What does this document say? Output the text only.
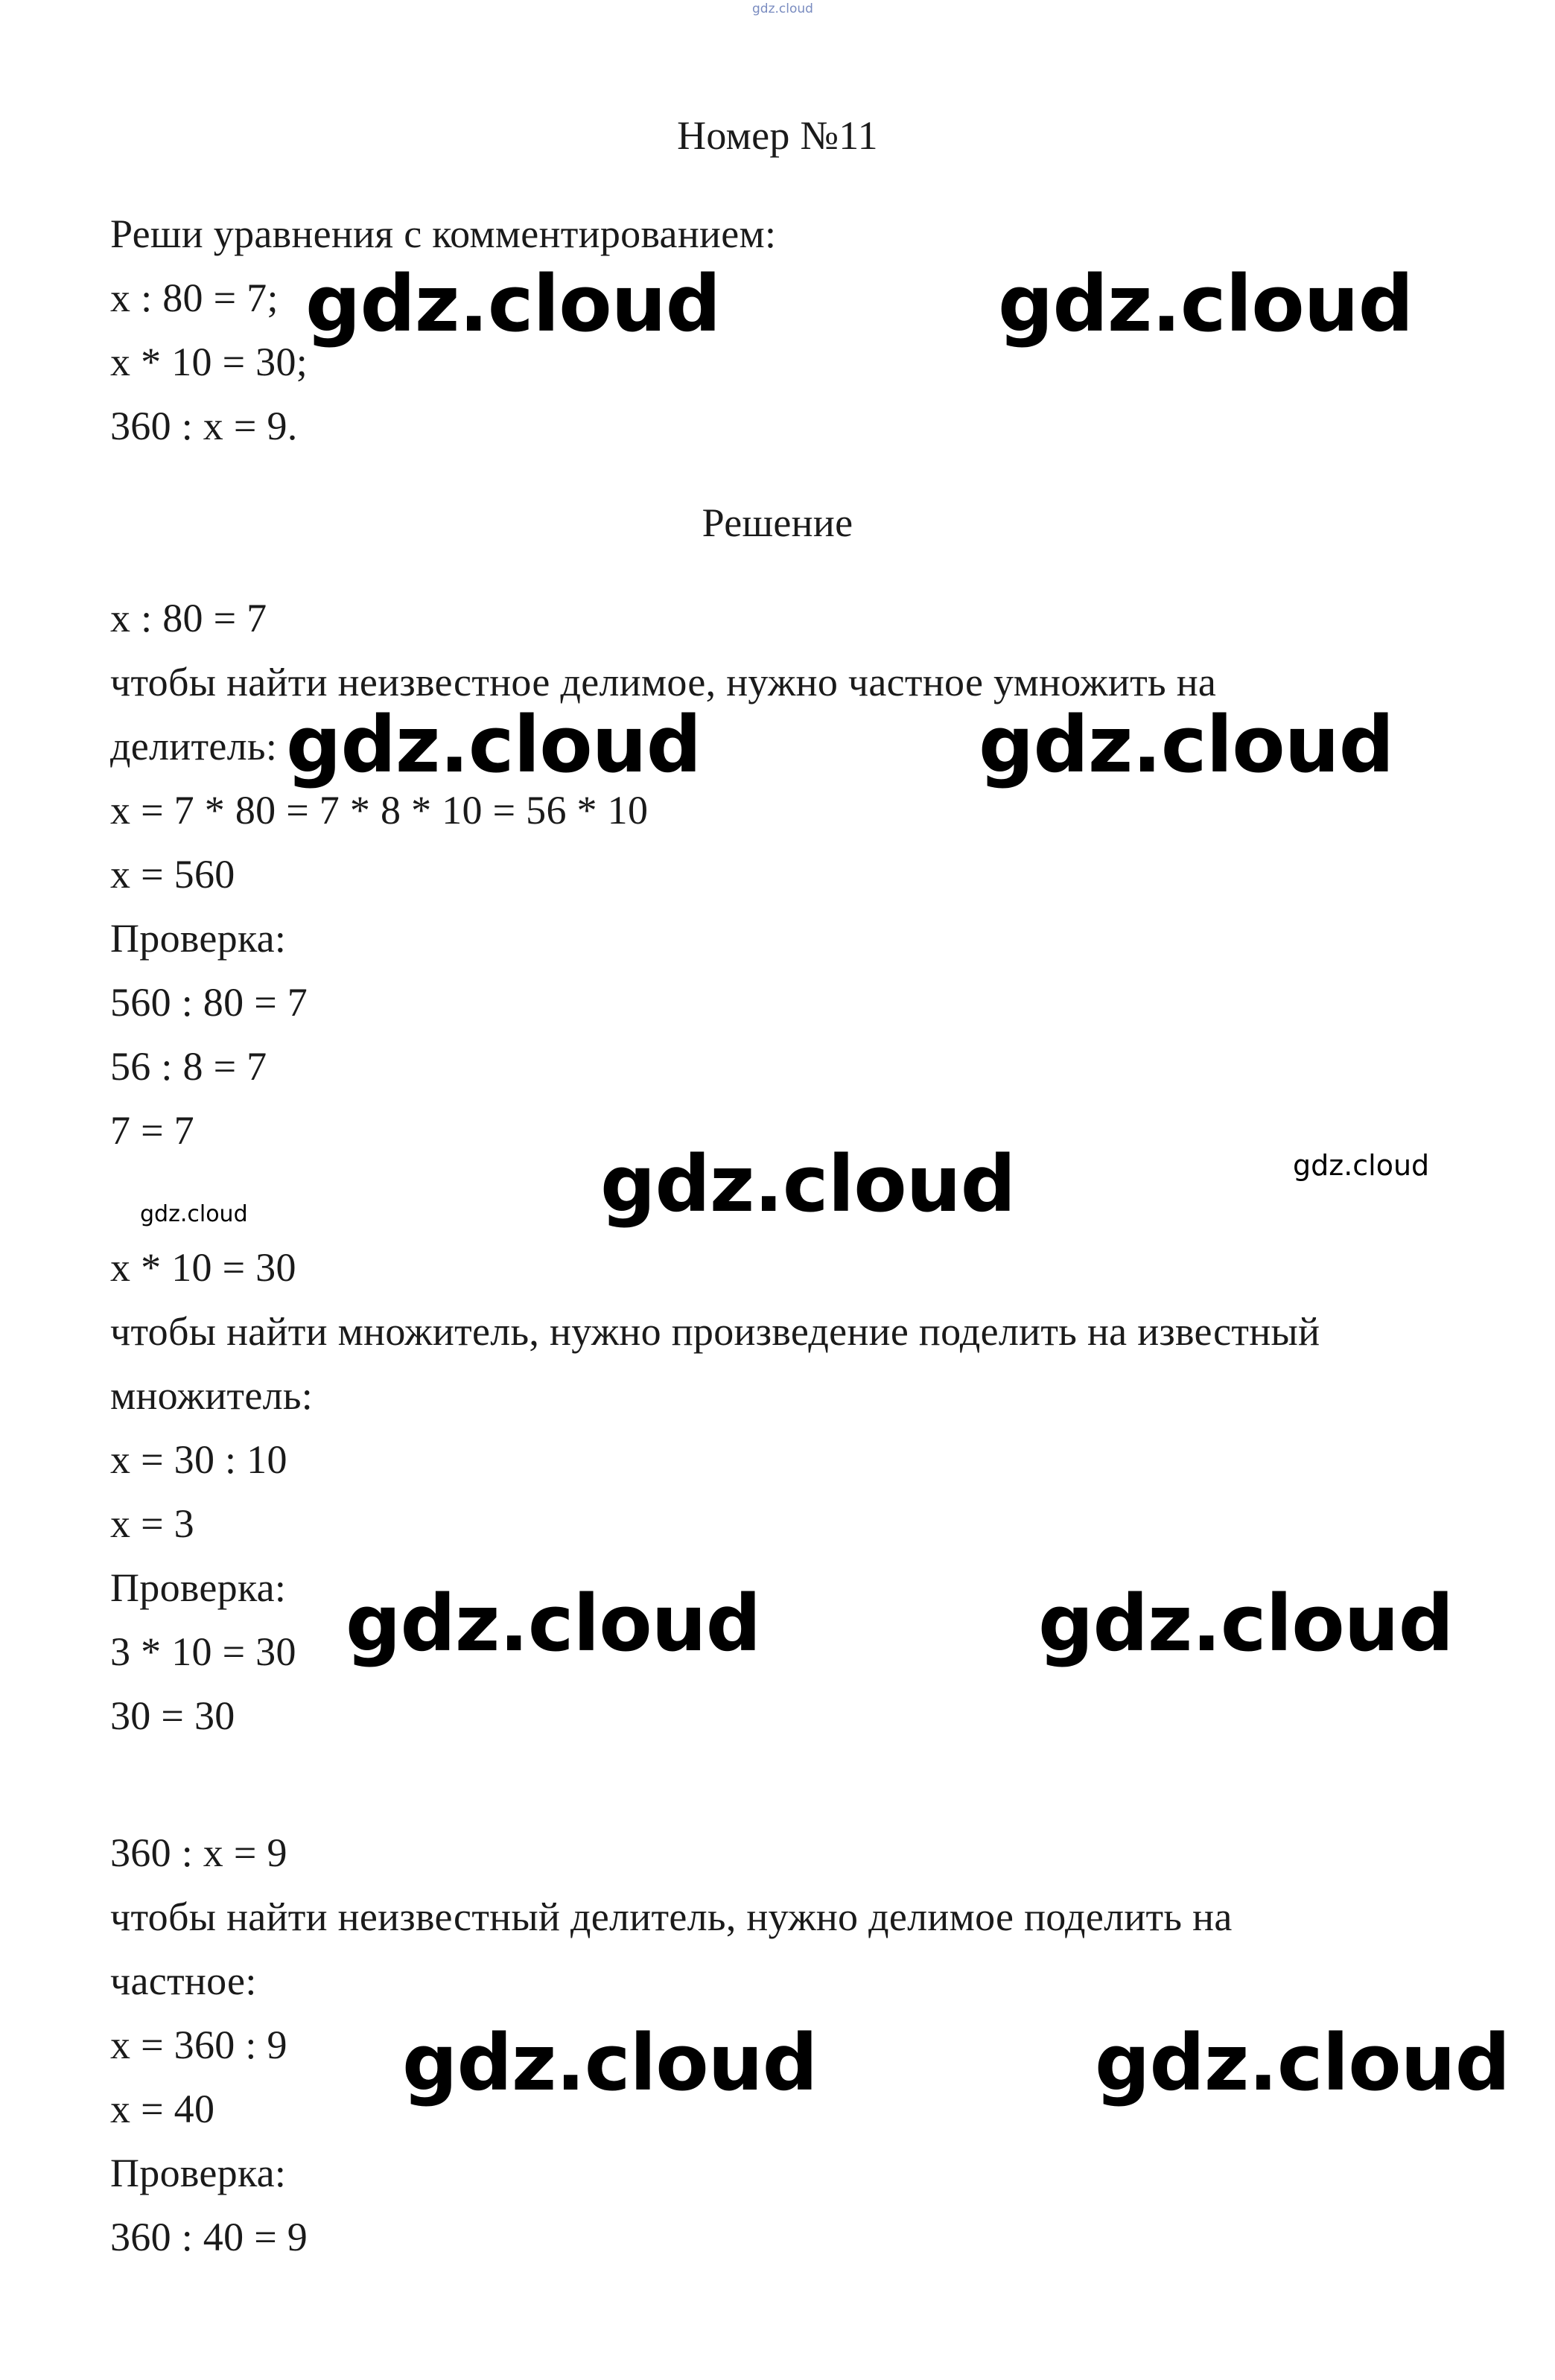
gdz.cloud
Номер №11
Реши уравнения с комментированием:
x : 80 = 7;
x * 10 = 30;
360 : x = 9.
Решение
x : 80 = 7
чтобы найти неизвестное делимое, нужно частное умножить на
делитель:
x = 7 * 80 = 7 * 8 * 10 = 56 * 10
x = 560
Проверка:
560 : 80 = 7
56 : 8 = 7
7 = 7
x * 10 = 30
чтобы найти множитель, нужно произведение поделить на известный
множитель:
x = 30 : 10
x = 3
Проверка:
3 * 10 = 30
30 = 30
360 : x = 9
чтобы найти неизвестный делитель, нужно делимое поделить на
частное:
x = 360 : 9
x = 40
Проверка:
360 : 40 = 9
gdz.cloud	gdz.cloud
gdz.cloud	gdz.cloud
gdz.cloud	gdz.cloud
gdz.cloud
gdz.cloud	gdz.cloud
gdz.cloud	gdz.cloud
